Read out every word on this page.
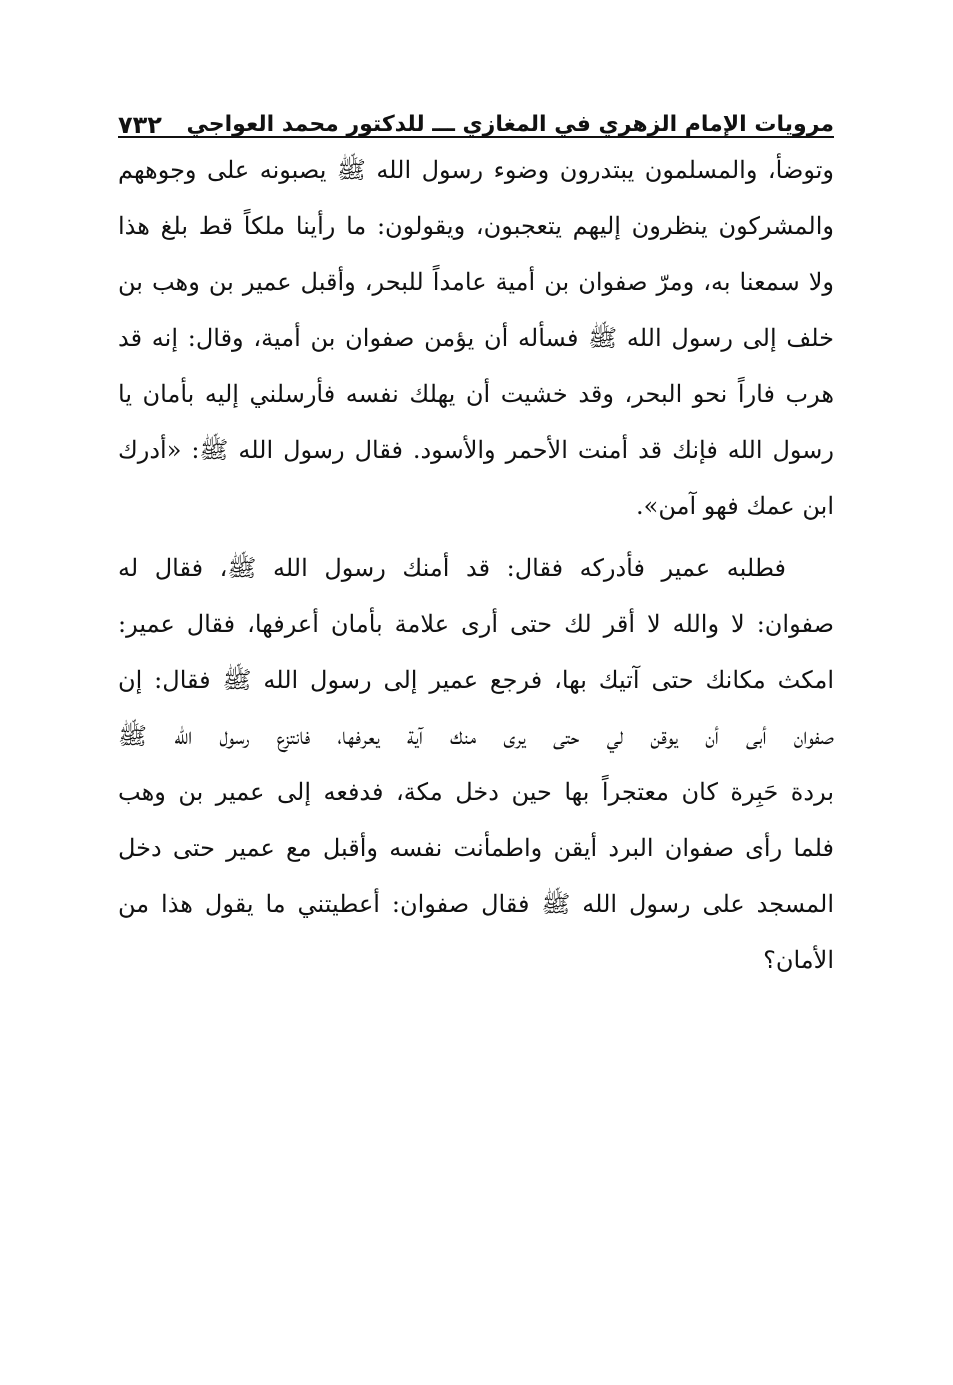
مرويات الإمام الزهري في المغازي ـــ للدكتور محمد العواجي
٧٣٢
وتوضأ، والمسلمون يبتدرون وضوء رسول الله ﷺ يصبونه على وجوههم
والمشركون ينظرون إليهم يتعجبون، ويقولون: ما رأينا ملكاً قط بلغ هذا
ولا سمعنا به، ومرّ صفوان بن أمية عامداً للبحر، وأقبل عمير بن وهب بن
خلف إلى رسول الله ﷺ فسأله أن يؤمن صفوان بن أمية، وقال: إنه قد
هرب فاراً نحو البحر، وقد خشيت أن يهلك نفسه فأرسلني إليه بأمان يا
رسول الله فإنك قد أمنت الأحمر والأسود. فقال رسول الله ﷺ: «أدرك
ابن عمك فهو آمن».
فطلبه عمير فأدركه فقال: قد أمنك رسول الله ﷺ، فقال له
صفوان: لا والله لا أقر لك حتى أرى علامة بأمان أعرفها، فقال عمير:
امكث مكانك حتى آتيك بها، فرجع عمير إلى رسول الله ﷺ فقال: إن
صفوان أبى أن يوقن لي حتى يرى منك آية يعرفها، فانتزع رسول الله ﷺ
بردة حَبِرة كان معتجراً بها حين دخل مكة، فدفعه إلى عمير بن وهب
فلما رأى صفوان البرد أيقن واطمأنت نفسه وأقبل مع عمير حتى دخل
المسجد على رسول الله ﷺ فقال صفوان: أعطيتني ما يقول هذا من
الأمان؟
